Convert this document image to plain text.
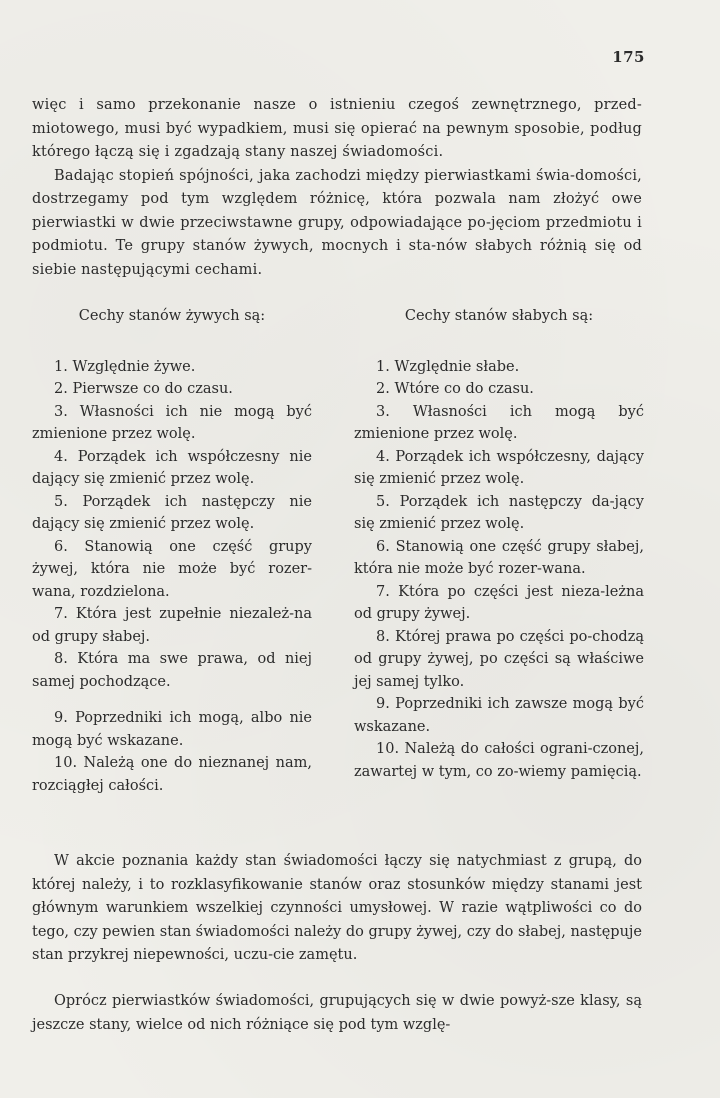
175
więc i samo przekonanie nasze o istnieniu czegoś zewnętrznego, przed- miotowego, musi być wypadkiem, musi się opierać na pewnym sposobie, podług którego łączą się i zgadzają stany naszej świadomości.
Badając stopień spójności, jaka zachodzi między pierwiastkami świa-domości, dostrzegamy pod tym względem różnicę, która pozwala nam złożyć owe pierwiastki w dwie przeciwstawne grupy, odpowiadające po-jęciom przedmiotu i podmiotu. Te grupy stanów żywych, mocnych i sta-nów słabych różnią się od siebie następującymi cechami.

Cechy stanów żywych są:

1. Względnie żywe.
2. Pierwsze co do czasu.
3. Własności ich nie mogą być zmienione przez wolę.
4. Porządek ich współczesny nie dający się zmienić przez wolę.
5. Porządek ich następczy nie dający się zmienić przez wolę.
6. Stanowią one część grupy żywej, która nie może być rozer-wana, rozdzielona.
7. Która jest zupełnie niezależ-na od grupy słabej.
8. Która ma swe prawa, od niej samej pochodzące.
9. Poprzedniki ich mogą, albo nie mogą być wskazane.
10. Należą one do nieznanej nam, rozciągłej całości.

Cechy stanów słabych są:

1. Względnie słabe.
2. Wtóre co do czasu.
3. Własności ich mogą być zmienione przez wolę.
4. Porządek ich współczesny, dający się zmienić przez wolę.
5. Porządek ich następczy da-jący się zmienić przez wolę.
6. Stanowią one część grupy słabej, która nie może być rozer-wana.
7. Która po części jest nieza-leżna od grupy żywej.
8. Której prawa po części po-chodzą od grupy żywej, po części są właściwe jej samej tylko.
9. Poprzedniki ich zawsze mogą być wskazane.
10. Należą do całości ograni-czonej, zawartej w tym, co zo-wiemy pamięcią.

W akcie poznania każdy stan świadomości łączy się natychmiast z grupą, do której należy, i to rozklasyfikowanie stanów oraz stosunków między stanami jest głównym warunkiem wszelkiej czynności umysłowej. W razie wątpliwości co do tego, czy pewien stan świadomości należy do grupy żywej, czy do słabej, następuje stan przykrej niepewności, uczu-cie zamętu.

Oprócz pierwiastków świadomości, grupujących się w dwie powyż-sze klasy, są jeszcze stany, wielce od nich różniące się pod tym wzglę-
